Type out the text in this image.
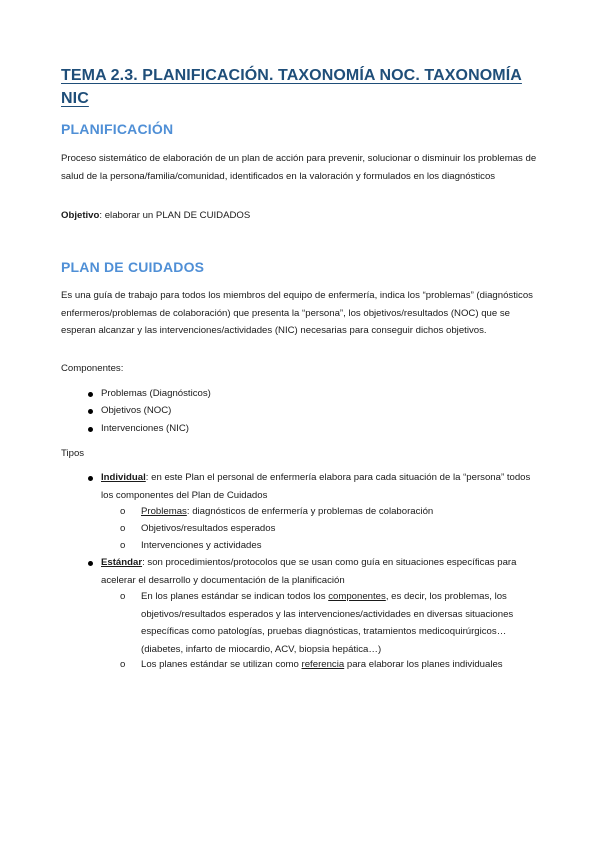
TEMA 2.3. PLANIFICACIÓN. TAXONOMÍA NOC. TAXONOMÍA NIC
PLANIFICACIÓN

Proceso sistemático de elaboración de un plan de acción para prevenir, solucionar o disminuir los problemas de salud de la persona/familia/comunidad, identificados en la valoración y formulados en los diagnósticos

Objetivo: elaborar un PLAN DE CUIDADOS

PLAN DE CUIDADOS

Es una guía de trabajo para todos los miembros del equipo de enfermería, indica los “problemas” (diagnósticos enfermeros/problemas de colaboración) que presenta la “persona”, los objetivos/resultados (NOC) que se esperan alcanzar y las intervenciones/actividades (NIC) necesarias para conseguir dichos objetivos.

Componentes:

Problemas (Diagnósticos)
Objetivos (NOC)
Intervenciones (NIC)

Tipos

Individual: en este Plan el personal de enfermería elabora para cada situación de la “persona” todos los componentes del Plan de Cuidados
o Problemas: diagnósticos de enfermería y problemas de colaboración
o Objetivos/resultados esperados
o Intervenciones y actividades
Estándar: son procedimientos/protocolos que se usan como guía en situaciones específicas para acelerar el desarrollo y documentación de la planificación
o En los planes estándar se indican todos los componentes, es decir, los problemas, los objetivos/resultados esperados y las intervenciones/actividades en diversas situaciones específicas como patologías, pruebas diagnósticas, tratamientos medicoquirúrgicos… (diabetes, infarto de miocardio, ACV, biopsia hepática…)
o Los planes estándar se utilizan como referencia para elaborar los planes individuales
